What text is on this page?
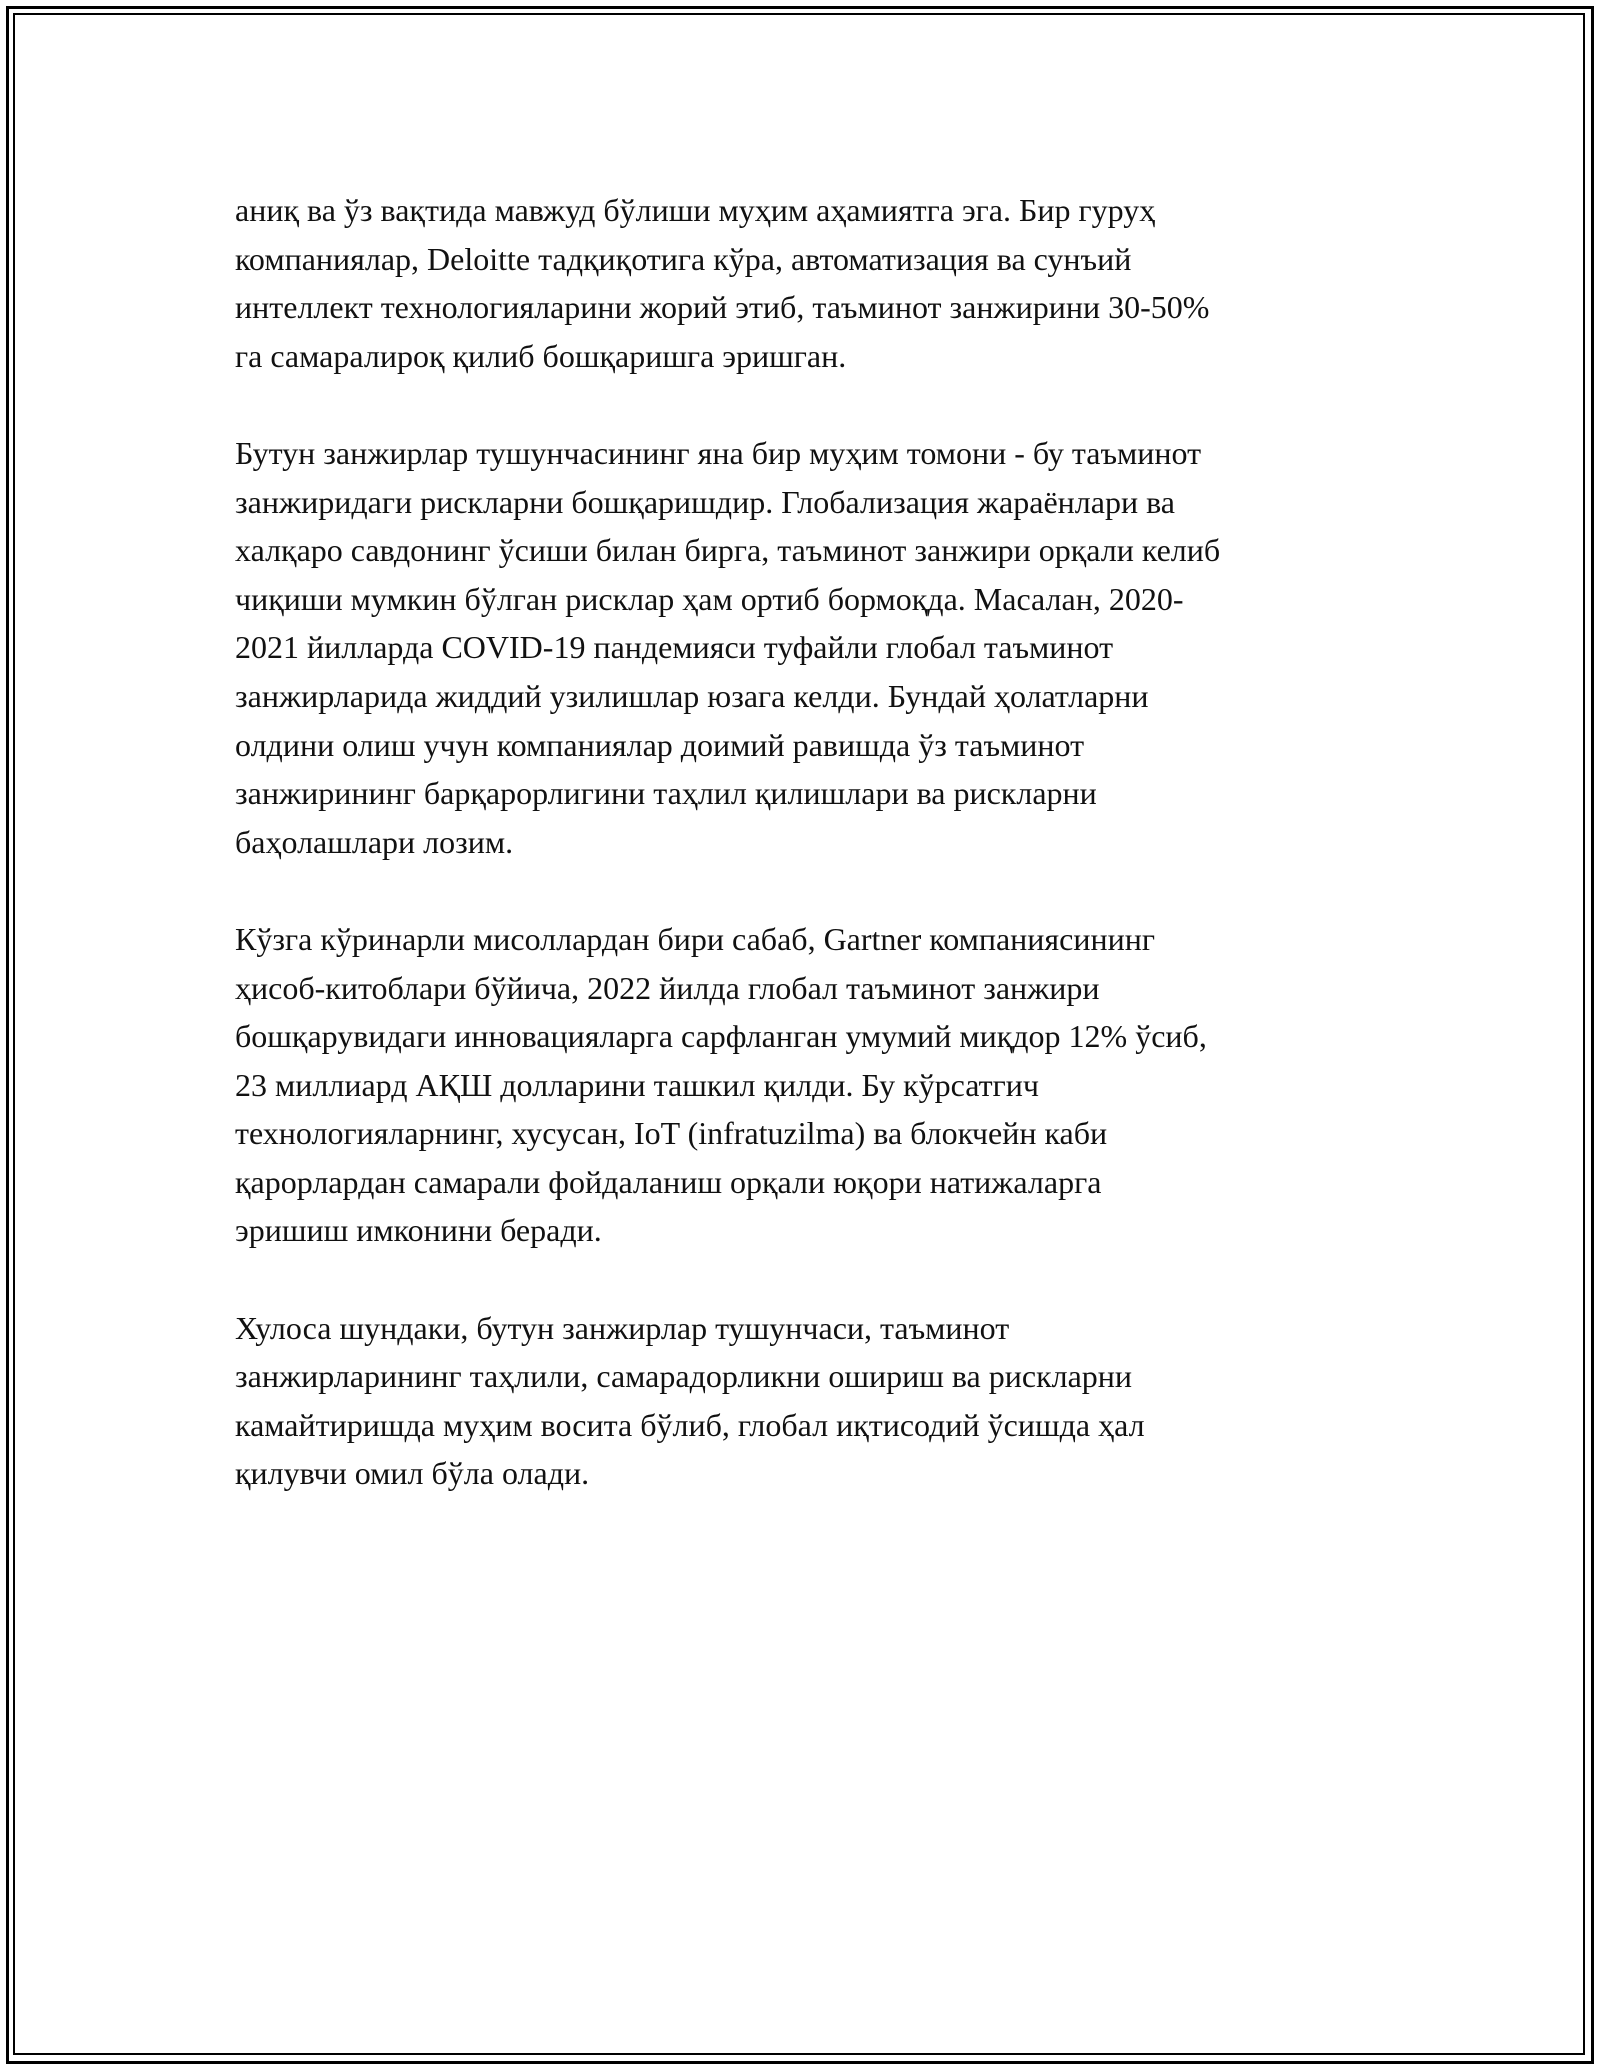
аниқ ва ўз вақтида мавжуд бўлиши муҳим аҳамиятга эга. Бир гуруҳ
компаниялар, Deloitte тадқиқотига кўра, автоматизация ва сунъий
интеллект технологияларини жорий этиб, таъминот занжирини 30-50%
га самаралироқ қилиб бошқаришга эришган.

Бутун занжирлар тушунчасининг яна бир муҳим томони - бу таъминот
занжиридаги рискларни бошқаришдир. Глобализация жараёнлари ва
халқаро савдонинг ўсиши билан бирга, таъминот занжири орқали келиб
чиқиши мумкин бўлган рисклар ҳам ортиб бормоқда. Масалан, 2020-
2021 йилларда COVID-19 пандемияси туфайли глобал таъминот
занжирларида жиддий узилишлар юзага келди. Бундай ҳолатларни
олдини олиш учун компаниялар доимий равишда ўз таъминот
занжирининг барқарорлигини таҳлил қилишлари ва рискларни
баҳолашлари лозим.

Кўзга кўринарли мисоллардан бири сабаб, Gartner компаниясининг
ҳисоб-китоблари бўйича, 2022 йилда глобал таъминот занжири
бошқарувидаги инновацияларга сарфланган умумий миқдор 12% ўсиб,
23 миллиард АҚШ долларини ташкил қилди. Бу кўрсатгич
технологияларнинг, хусусан, IoT (infratuzilma) ва блокчейн каби
қарорлардан самарали фойдаланиш орқали юқори натижаларга
эришиш имконини беради.

Хулоса шундаки, бутун занжирлар тушунчаси, таъминот
занжирларининг таҳлили, самарадорликни ошириш ва рискларни
камайтиришда муҳим восита бўлиб, глобал иқтисодий ўсишда ҳал
қилувчи омил бўла олади.
